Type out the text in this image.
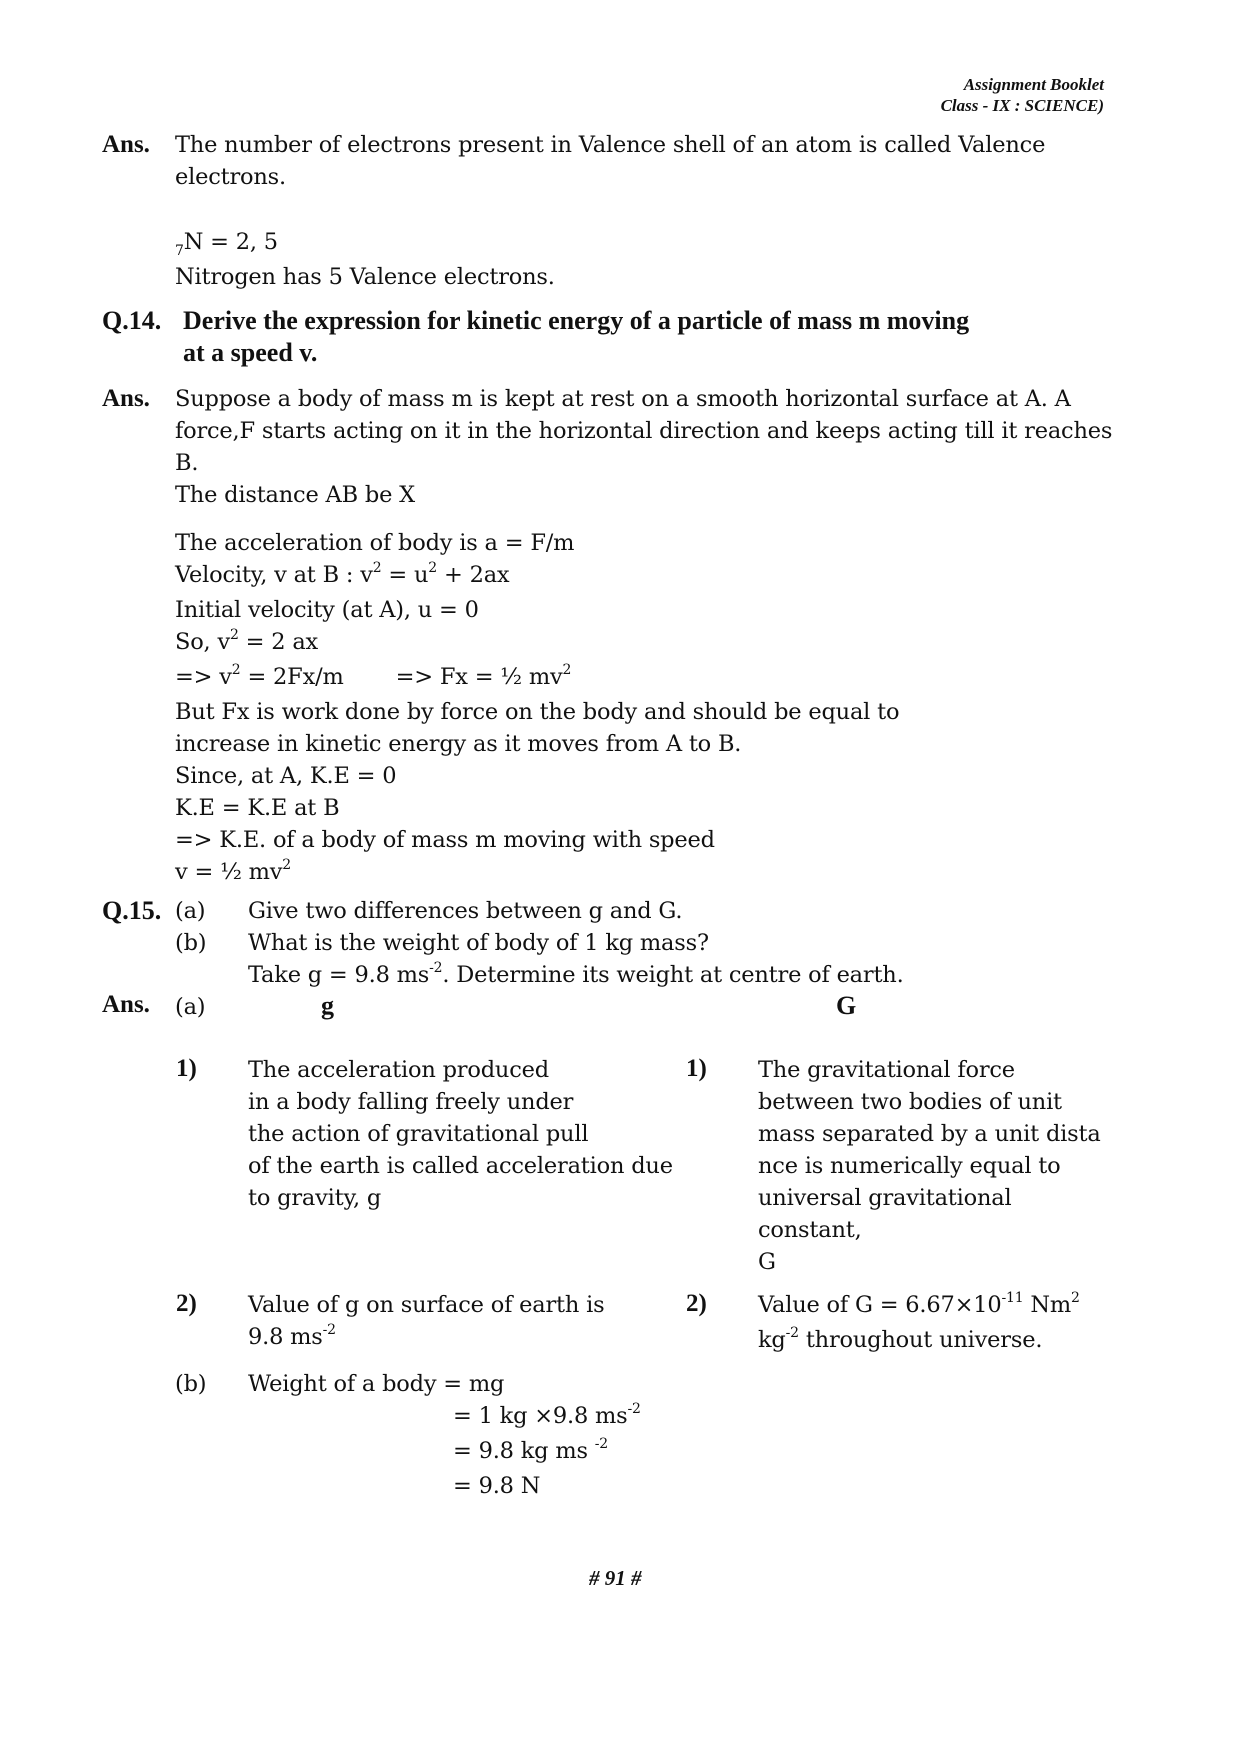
Assignment Booklet
Class - IX : SCIENCE)
Ans. The number of electrons present in Valence shell of an atom is called Valence
electrons.
$_7$N = 2, 5
Nitrogen has 5 Valence electrons.
Q.14. Derive the expression for kinetic energy of a particle of mass m moving
at a speed v.
Ans. Suppose a body of mass m is kept at rest on a smooth horizontal surface at A. A
force,F starts acting on it in the horizontal direction and keeps acting till it reaches
B.
The distance AB be X
The acceleration of body is a = F/m
Velocity, v at B : $v^2 = u^2 + 2ax$
Initial velocity (at A), u = 0
So, $v^2 = 2$ ax
=> $v^2 = 2Fx/m => Fx$ = ½ $mv^2$
But Fx is work done by force on the body and should be equal to
increase in kinetic energy as it moves from A to B.
Since, at A, K.E = 0
K.E = K.E at B
=> K.E. of a body of mass m moving with speed
v = ½ $mv^2$
Q.15. (a)
(b)
Give two differences between g and G.
What is the weight of body of 1 kg mass?
Take g = 9.8 $ms^{-2}$. Determine its weight at centre of earth.
Ans. (a)	g	G
1) The acceleration produced
in a body falling freely under
the action of gravitational pull
of the earth is called acceleration due
to gravity, g
1) The gravitational force
between two bodies of unit
mass separated by a unit dista
nce is numerically equal to
universal gravitational
constant,
G
2) Value of g on surface of earth is
9.8 $ms^{-2}$
2) Value of $G = 6.67\times 10^{-11}$ Nm$^2$
$kg^{-2}$ throughout universe.
(b) Weight of a body = mg
= 1 kg ×9.8 $ms^{-2}$
= 9.8 kg ms $^{-2}$
= 9.8 N
# 91 #
